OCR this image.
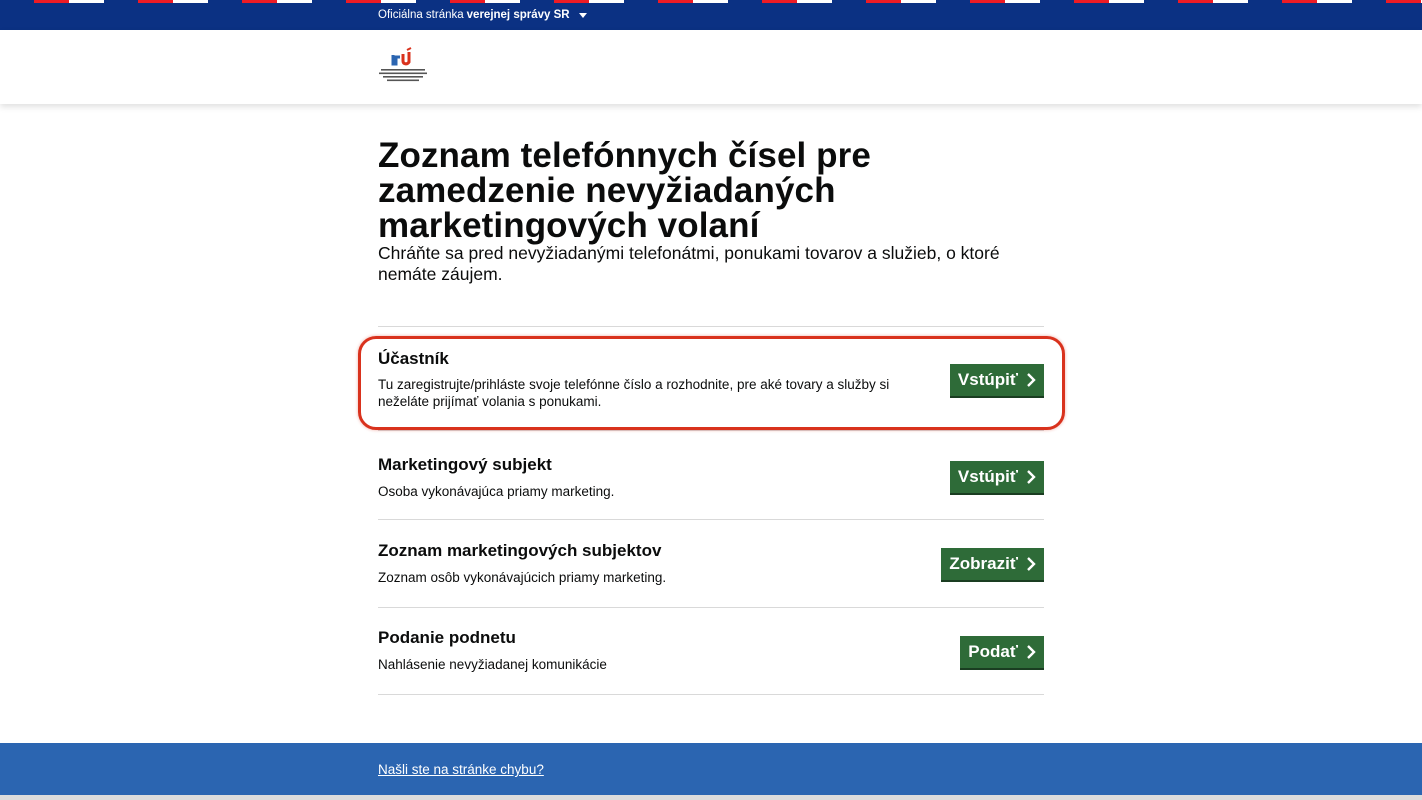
Oficiálna stránka verejnej správy SR
Zoznam telefónnych čísel pre zamedzenie nevyžiadaných marketingových volaní

Chráňte sa pred nevyžiadanými telefonátmi, ponukami tovarov a služieb, o ktoré nemáte záujem.

Účastník
Tu zaregistrujte/prihláste svoje telefónne číslo a rozhodnite, pre aké tovary a služby si neželáte prijímať volania s ponukami.
Vstúpiť
Marketingový subjekt
Osoba vykonávajúca priamy marketing.
Vstúpiť
Zoznam marketingových subjektov
Zoznam osôb vykonávajúcich priamy marketing.
Zobraziť
Podanie podnetu
Nahlásenie nevyžiadanej komunikácie
Podať
Našli ste na stránke chybu?
